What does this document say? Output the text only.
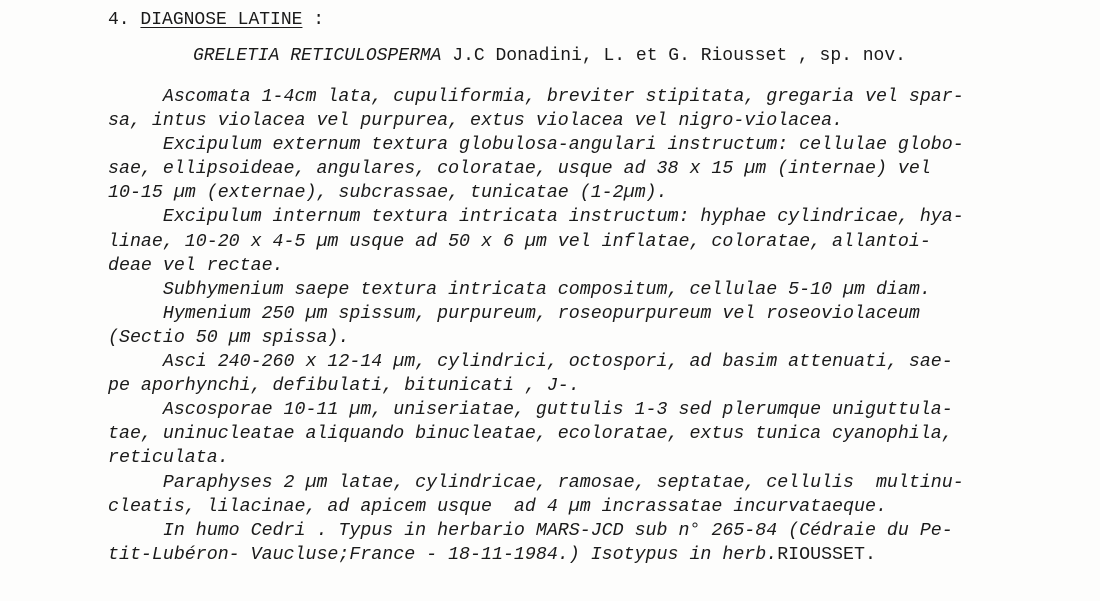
4. DIAGNOSE LATINE :
GRELETIA RETICULOSPERMA J.C Donadini, L. et G. Riousset , sp. nov.
Ascomata 1-4cm lata, cupuliformia, breviter stipitata, gregaria vel spar-
sa, intus violacea vel purpurea, extus violacea vel nigro-violacea.
Excipulum externum textura globulosa-angulari instructum: cellulae globo-
sae, ellipsoideae, angulares, coloratae, usque ad 38 x 15 µm (internae) vel
10-15 µm (externae), subcrassae, tunicatae (1-2µm).
Excipulum internum textura intricata instructum: hyphae cylindricae, hya-
linae, 10-20 x 4-5 µm usque ad 50 x 6 µm vel inflatae, coloratae, allantoi-
deae vel rectae.
Subhymenium saepe textura intricata compositum, cellulae 5-10 µm diam.
Hymenium 250 µm spissum, purpureum, roseopurpureum vel roseoviolaceum
(Sectio 50 µm spissa).
Asci 240-260 x 12-14 µm, cylindrici, octospori, ad basim attenuati, sae-
pe aporhynchi, defibulati, bitunicati , J-.
Ascosporae 10-11 µm, uniseriatae, guttulis 1-3 sed plerumque uniguttula-
tae, uninucleatae aliquando binucleatae, ecoloratae, extus tunica cyanophila,
reticulata.
Paraphyses 2 µm latae, cylindricae, ramosae, septatae, cellulis  multinu-
cleatis, lilacinae, ad apicem usque  ad 4 µm incrassatae incurvataeque.
In humo Cedri . Typus in herbario MARS-JCD sub n° 265-84 (Cédraie du Pe-
tit-Lubéron- Vaucluse;France - 18-11-1984.) Isotypus in herb.RIOUSSET.
